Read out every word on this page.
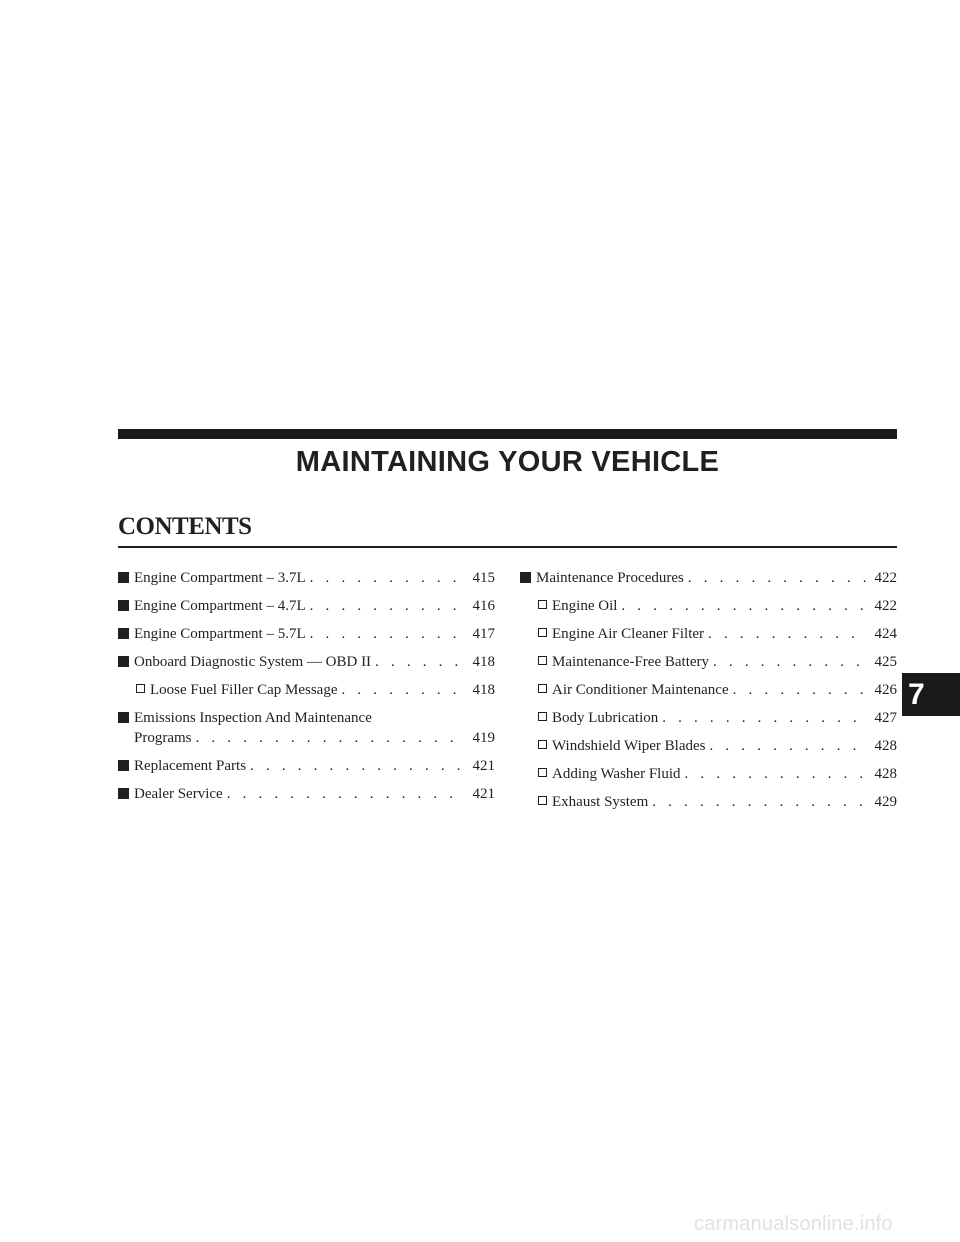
MAINTAINING YOUR VEHICLE
CONTENTS
Engine Compartment – 3.7L . . .	415
Engine Compartment – 4.7L . . .	416
Engine Compartment – 5.7L . . .	417
Onboard Diagnostic System — OBD II . . .	418
Loose Fuel Filler Cap Message . . .	418
Emissions Inspection And Maintenance
Programs . . .	419
Replacement Parts . . .	421
Dealer Service . . .	421
Maintenance Procedures . . .	422
Engine Oil . . .	422
Engine Air Cleaner Filter . . .	424
Maintenance-Free Battery . . .	425
Air Conditioner Maintenance . . .	426
Body Lubrication . . .	427
Windshield Wiper Blades . . .	428
Adding Washer Fluid . . .	428
Exhaust System . . .	429
7
carmanualsonline.info
